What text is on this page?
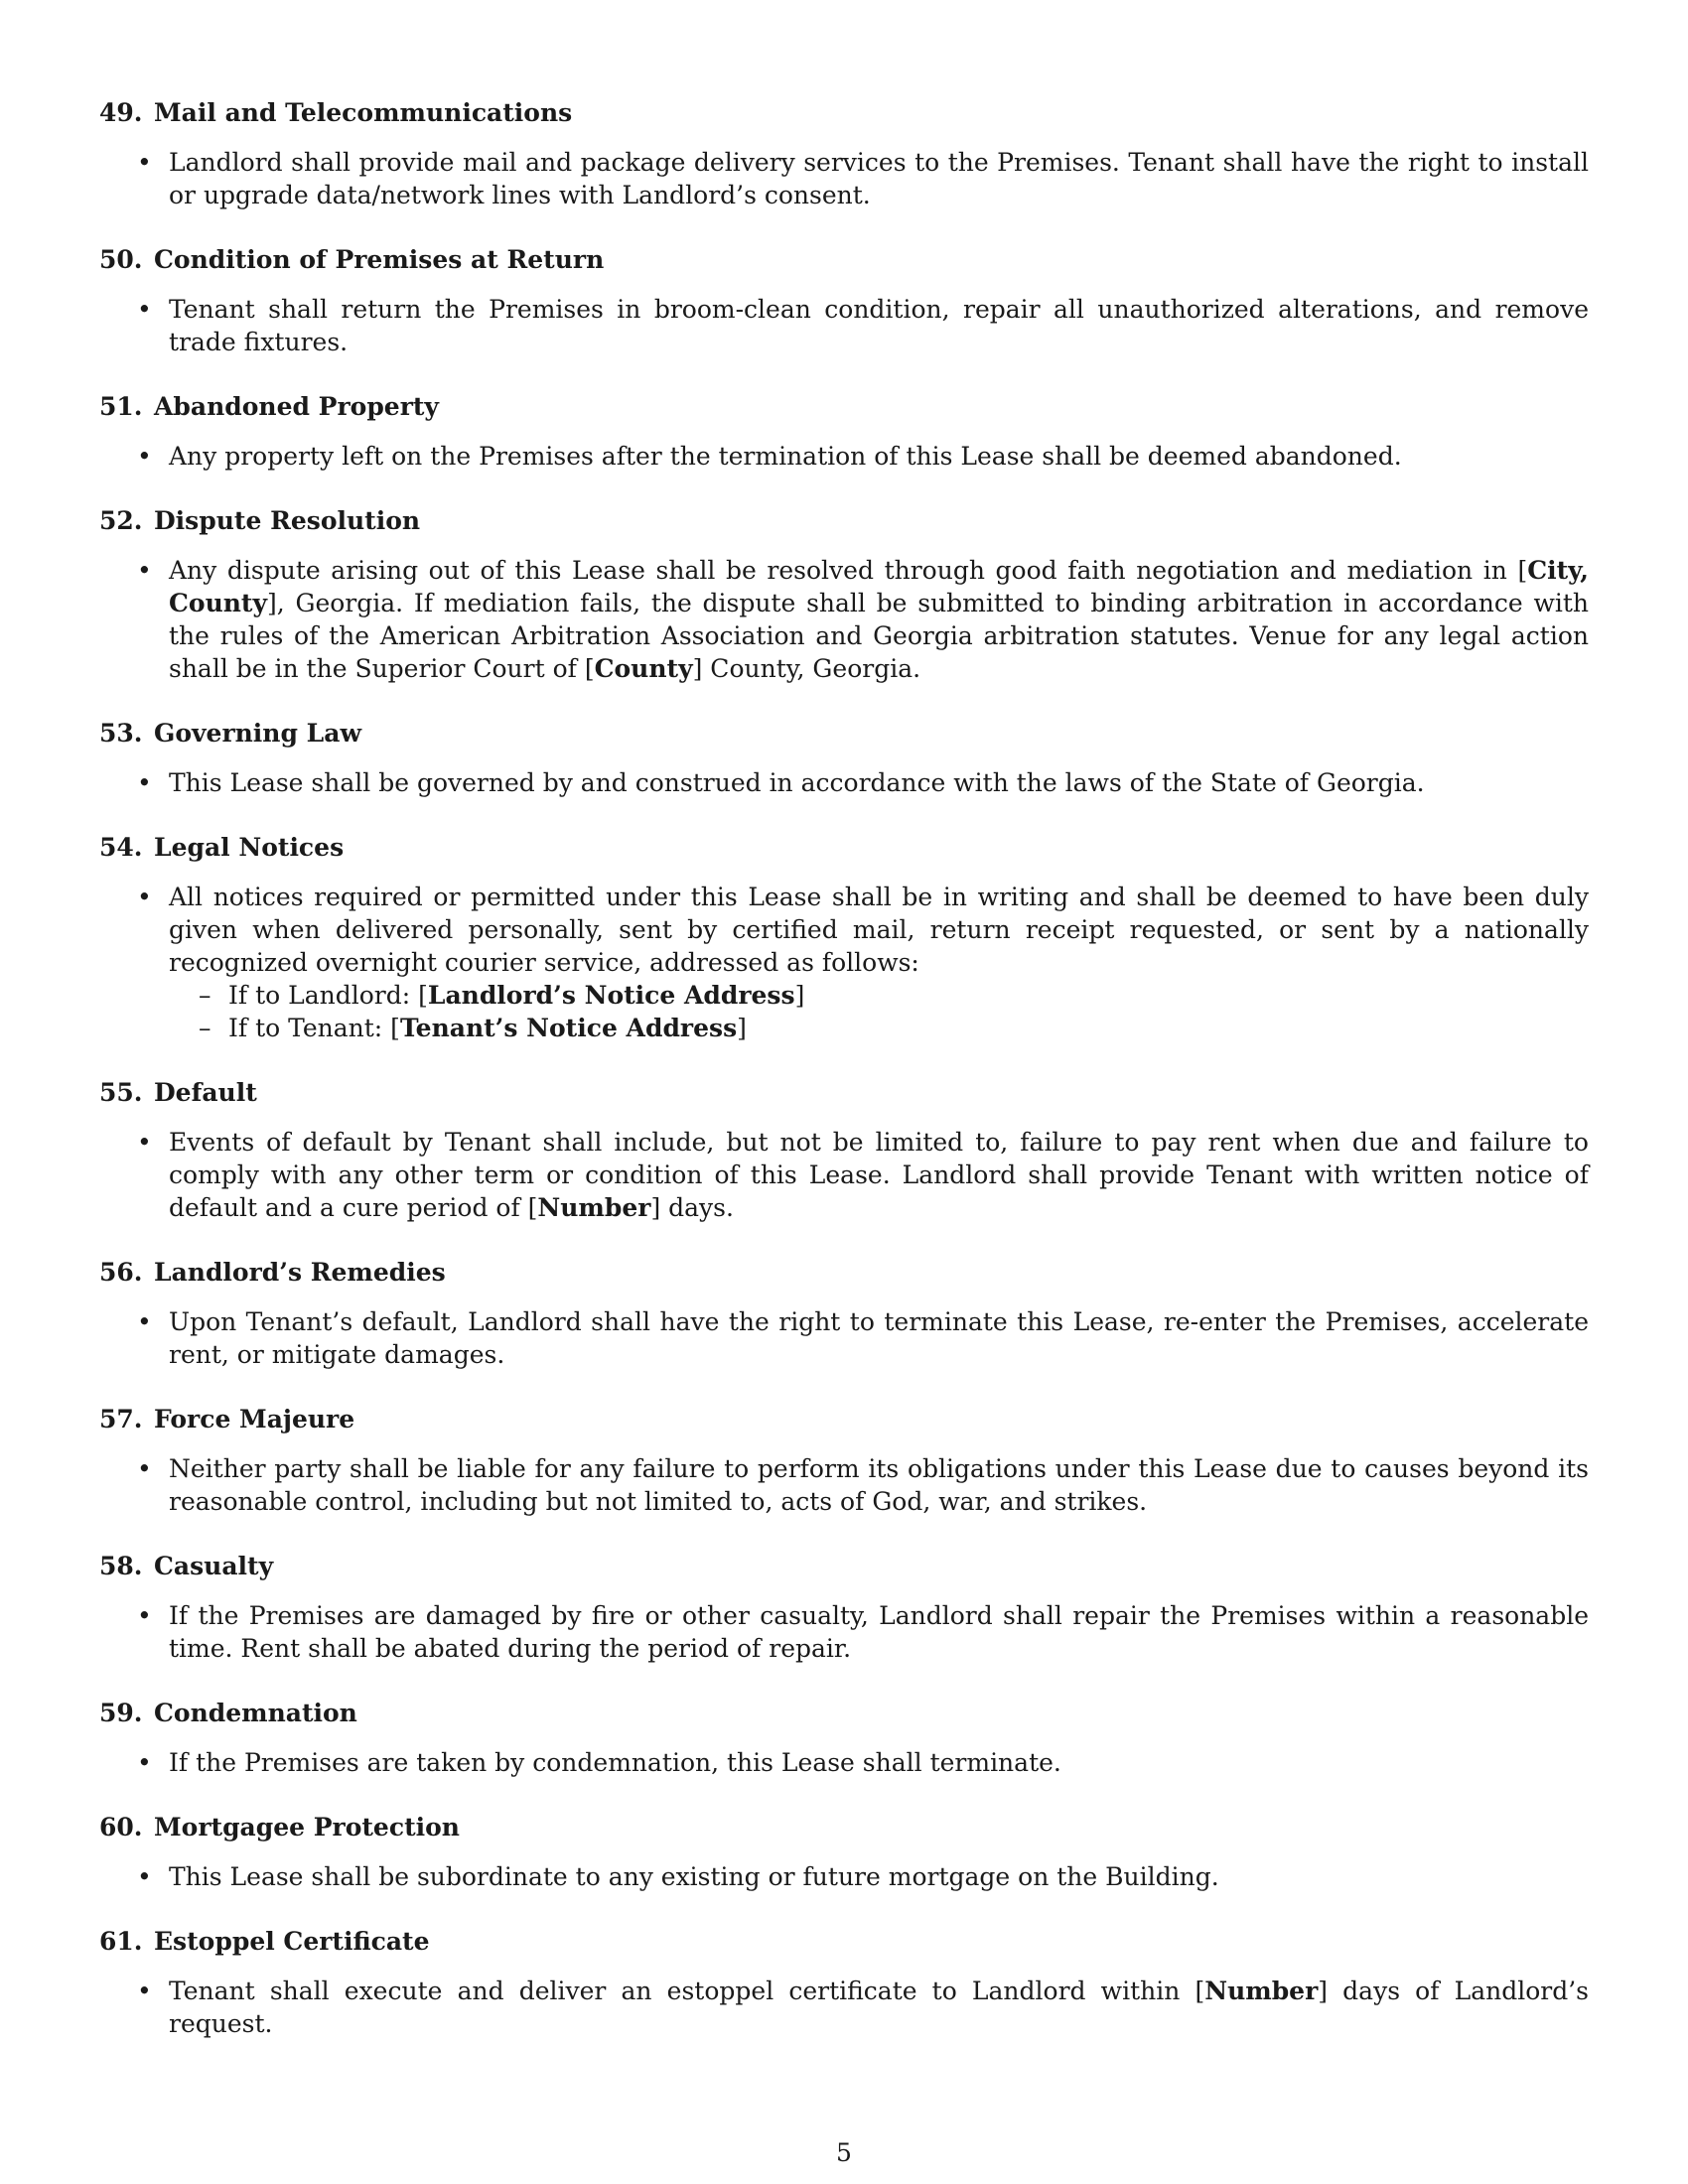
49. Mail and Telecommunications
• Landlord shall provide mail and package delivery services to the Premises. Tenant shall have the right to install or upgrade data/network lines with Landlord’s consent.
50. Condition of Premises at Return
• Tenant shall return the Premises in broom-clean condition, repair all unauthorized alterations, and remove trade fixtures.
51. Abandoned Property
• Any property left on the Premises after the termination of this Lease shall be deemed abandoned.
52. Dispute Resolution
• Any dispute arising out of this Lease shall be resolved through good faith negotiation and mediation in [City, County], Georgia. If mediation fails, the dispute shall be submitted to binding arbitration in accordance with the rules of the American Arbitration Association and Georgia arbitration statutes. Venue for any legal action shall be in the Superior Court of [County] County, Georgia.
53. Governing Law
• This Lease shall be governed by and construed in accordance with the laws of the State of Georgia.
54. Legal Notices
• All notices required or permitted under this Lease shall be in writing and shall be deemed to have been duly given when delivered personally, sent by certified mail, return receipt requested, or sent by a nationally recognized overnight courier service, addressed as follows:
– If to Landlord: [Landlord’s Notice Address]
– If to Tenant: [Tenant’s Notice Address]
55. Default
• Events of default by Tenant shall include, but not be limited to, failure to pay rent when due and failure to comply with any other term or condition of this Lease. Landlord shall provide Tenant with written notice of default and a cure period of [Number] days.
56. Landlord’s Remedies
• Upon Tenant’s default, Landlord shall have the right to terminate this Lease, re-enter the Premises, accelerate rent, or mitigate damages.
57. Force Majeure
• Neither party shall be liable for any failure to perform its obligations under this Lease due to causes beyond its reasonable control, including but not limited to, acts of God, war, and strikes.
58. Casualty
• If the Premises are damaged by fire or other casualty, Landlord shall repair the Premises within a reasonable time. Rent shall be abated during the period of repair.
59. Condemnation
• If the Premises are taken by condemnation, this Lease shall terminate.
60. Mortgagee Protection
• This Lease shall be subordinate to any existing or future mortgage on the Building.
61. Estoppel Certificate
• Tenant shall execute and deliver an estoppel certificate to Landlord within [Number] days of Landlord’s request.
5
